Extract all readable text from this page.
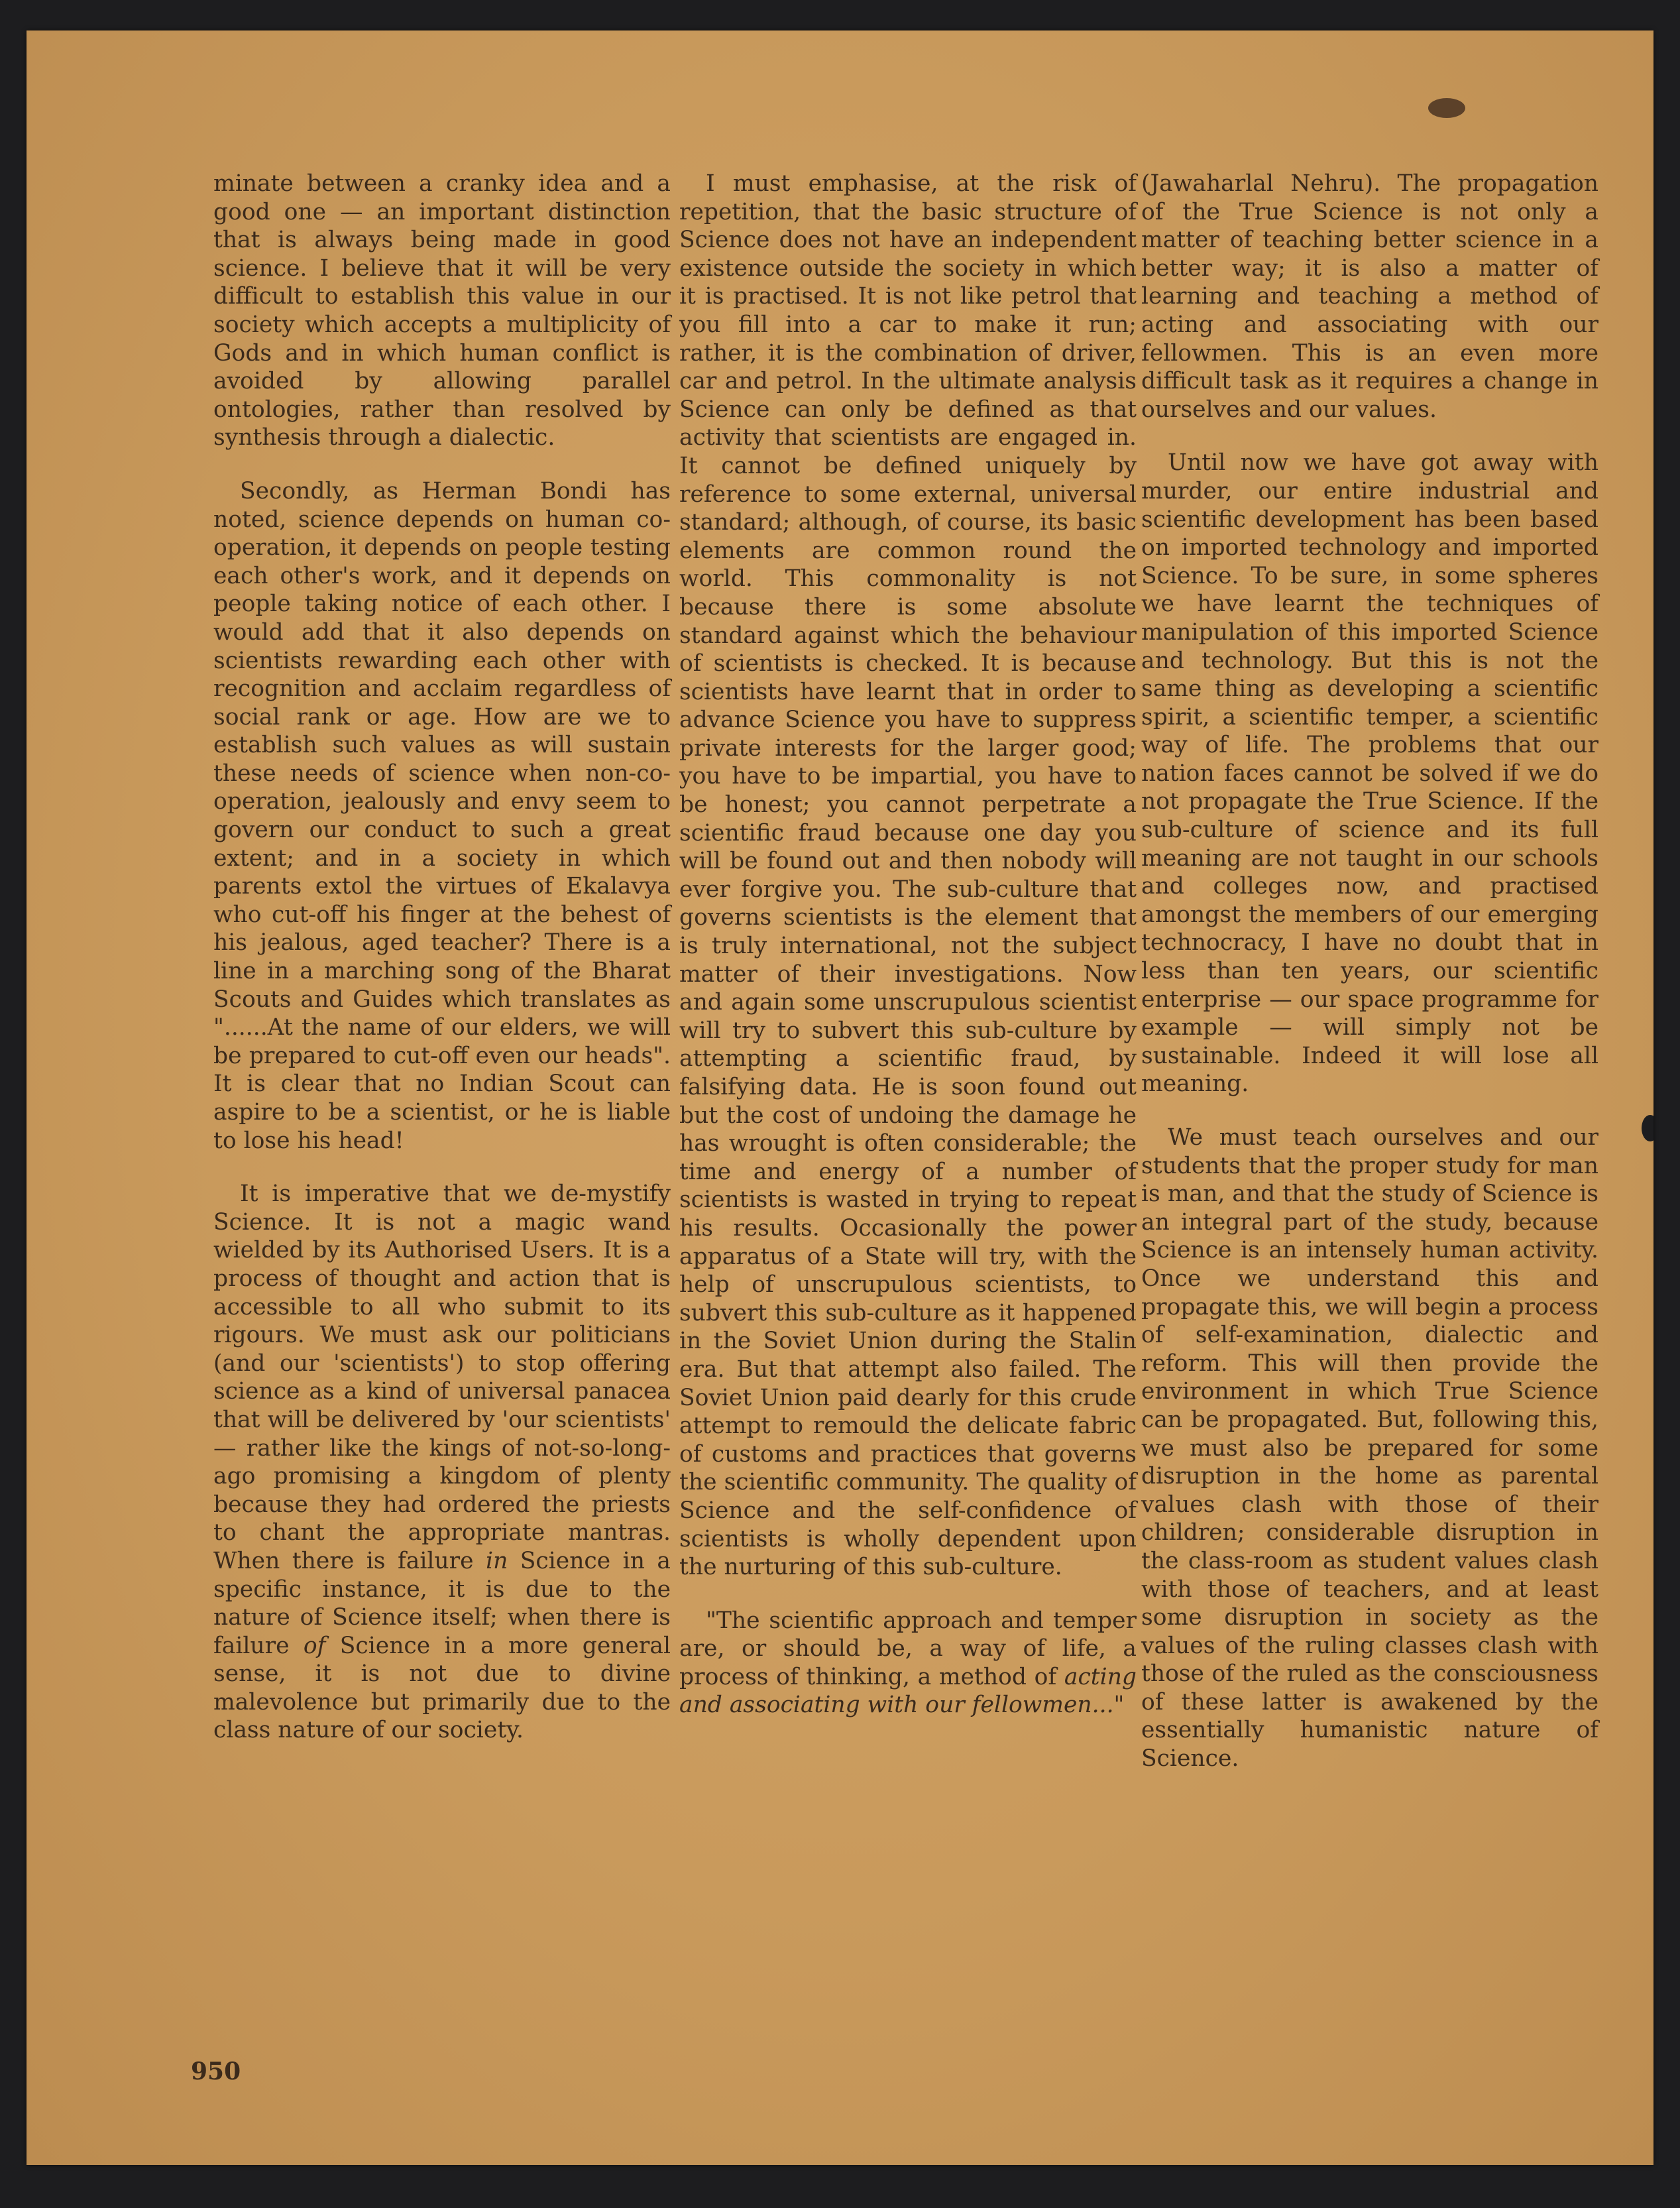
minate between a cranky idea and a good one — an important distinction that is always being made in good science. I believe that it will be very difficult to establish this value in our society which accepts a multiplicity of Gods and in which human conflict is avoided by allowing parallel ontologies, rather than resolved by synthesis through a dialectic.

Secondly, as Herman Bondi has noted, science depends on human co-operation, it depends on people testing each other's work, and it depends on people taking notice of each other. I would add that it also depends on scientists rewarding each other with recognition and acclaim regardless of social rank or age. How are we to establish such values as will sustain these needs of science when non-co-operation, jealously and envy seem to govern our conduct to such a great extent; and in a society in which parents extol the virtues of Ekalavya who cut-off his finger at the behest of his jealous, aged teacher? There is a line in a marching song of the Bharat Scouts and Guides which translates as "......At the name of our elders, we will be prepared to cut-off even our heads". It is clear that no Indian Scout can aspire to be a scientist, or he is liable to lose his head!

It is imperative that we de-mystify Science. It is not a magic wand wielded by its Authorised Users. It is a process of thought and action that is accessible to all who submit to its rigours. We must ask our politicians (and our 'scientists') to stop offering science as a kind of universal panacea that will be delivered by 'our scientists' — rather like the kings of not-so-long-ago promising a kingdom of plenty because they had ordered the priests to chant the appropriate mantras. When there is failure in Science in a specific instance, it is due to the nature of Science itself; when there is failure of Science in a more general sense, it is not due to divine malevolence but primarily due to the class nature of our society.

I must emphasise, at the risk of repetition, that the basic structure of Science does not have an independent existence outside the society in which it is practised. It is not like petrol that you fill into a car to make it run; rather, it is the combination of driver, car and petrol. In the ultimate analysis Science can only be defined as that activity that scientists are engaged in. It cannot be defined uniquely by reference to some external, universal standard; although, of course, its basic elements are common round the world. This commonality is not because there is some absolute standard against which the behaviour of scientists is checked. It is because scientists have learnt that in order to advance Science you have to suppress private interests for the larger good; you have to be impartial, you have to be honest; you cannot perpetrate a scientific fraud because one day you will be found out and then nobody will ever forgive you. The sub-culture that governs scientists is the element that is truly international, not the subject matter of their investigations. Now and again some unscrupulous scientist will try to subvert this sub-culture by attempting a scientific fraud, by falsifying data. He is soon found out but the cost of undoing the damage he has wrought is often considerable; the time and energy of a number of scientists is wasted in trying to repeat his results. Occasionally the power apparatus of a State will try, with the help of unscrupulous scientists, to subvert this sub-culture as it happened in the Soviet Union during the Stalin era. But that attempt also failed. The Soviet Union paid dearly for this crude attempt to remould the delicate fabric of customs and practices that governs the scientific community. The quality of Science and the self-confidence of scientists is wholly dependent upon the nurturing of this sub-culture.

"The scientific approach and temper are, or should be, a way of life, a process of thinking, a method of acting and associating with our fellowmen..."

(Jawaharlal Nehru). The propagation of the True Science is not only a matter of teaching better science in a better way; it is also a matter of learning and teaching a method of acting and associating with our fellowmen. This is an even more difficult task as it requires a change in ourselves and our values.

Until now we have got away with murder, our entire industrial and scientific development has been based on imported technology and imported Science. To be sure, in some spheres we have learnt the techniques of manipulation of this imported Science and technology. But this is not the same thing as developing a scientific spirit, a scientific temper, a scientific way of life. The problems that our nation faces cannot be solved if we do not propagate the True Science. If the sub-culture of science and its full meaning are not taught in our schools and colleges now, and practised amongst the members of our emerging technocracy, I have no doubt that in less than ten years, our scientific enterprise — our space programme for example — will simply not be sustainable. Indeed it will lose all meaning.

We must teach ourselves and our students that the proper study for man is man, and that the study of Science is an integral part of the study, because Science is an intensely human activity. Once we understand this and propagate this, we will begin a process of self-examination, dialectic and reform. This will then provide the environment in which True Science can be propagated. But, following this, we must also be prepared for some disruption in the home as parental values clash with those of their children; considerable disruption in the class-room as student values clash with those of teachers, and at least some disruption in society as the values of the ruling classes clash with those of the ruled as the consciousness of these latter is awakened by the essentially humanistic nature of Science.

950
